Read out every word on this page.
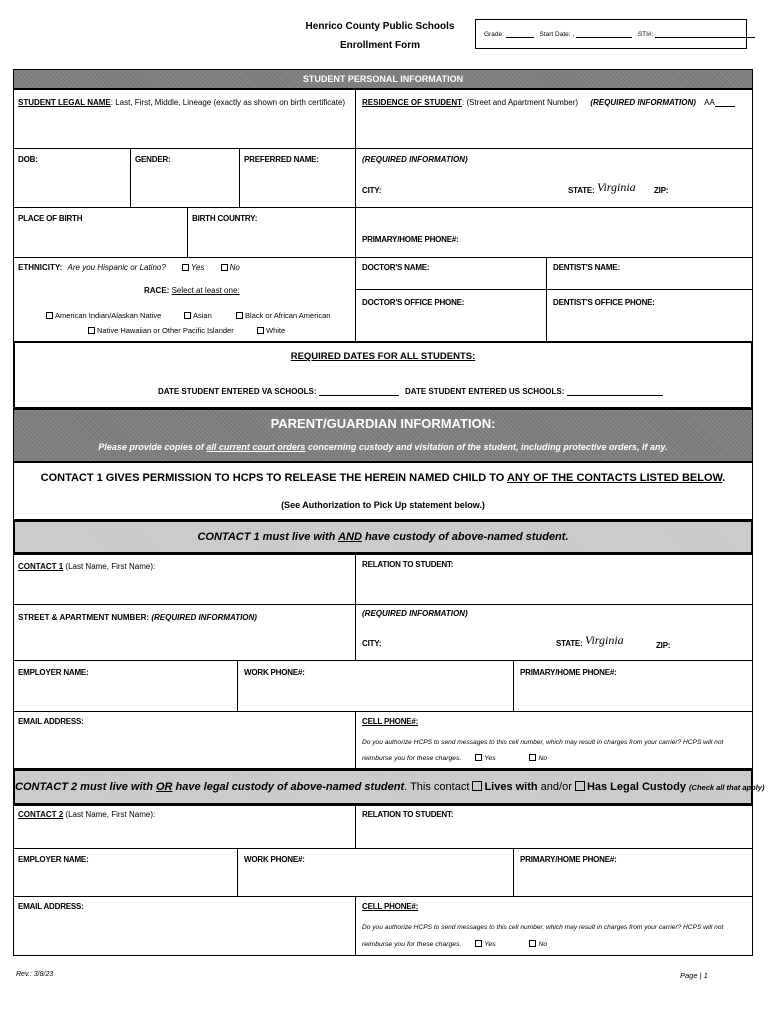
Henrico County Public Schools
Enrollment Form
Grade:	Start Date: ,	STI#:
STUDENT PERSONAL INFORMATION
STUDENT LEGAL NAME: Last, First, Middle, Lineage (exactly as shown on birth certificate) RESIDENCE OF STUDENT: (Street and Apartment Number) (REQUIRED INFORMATION) AA
DOB:	GENDER:	PREFERRED NAME:	(REQUIRED INFORMATION)
CITY:	STATE: Virginia ZIP:
PLACE OF BIRTH	BIRTH COUNTRY:
PRIMARY/HOME PHONE#:
ETHNICITY: Are you Hispanic or Latino?	Yes	No
RACE: Select at least one:
American Indian/Alaskan Native	Asian	Black or African American
Native Hawaiian or Other Pacific Islander	White
DOCTOR'S NAME:	DENTIST'S NAME:
DOCTOR'S OFFICE PHONE:	DENTIST'S OFFICE PHONE:
REQUIRED DATES FOR ALL STUDENTS:
DATE STUDENT ENTERED VA SCHOOLS:	DATE STUDENT ENTERED US SCHOOLS:
PARENT/GUARDIAN INFORMATION:
Please provide copies of all current court orders concerning custody and visitation of the student, including protective orders, if any.
CONTACT 1 GIVES PERMISSION TO HCPS TO RELEASE THE HEREIN NAMED CHILD TO ANY OF THE CONTACTS LISTED BELOW.
(See Authorization to Pick Up statement below.)
CONTACT 1 must live with AND have custody of above-named student.
CONTACT 1 (Last Name, First Name):	RELATION TO STUDENT:
STREET & APARTMENT NUMBER: (REQUIRED INFORMATION)	(REQUIRED INFORMATION)
CITY:	STATE: Virginia	ZIP:
EMPLOYER NAME:	WORK PHONE#:	PRIMARY/HOME PHONE#:
EMAIL ADDRESS:	CELL PHONE#:
Do you authorize HCPS to send messages to this cell number, which may result in charges from your carrier? HCPS will not
reimburse you for these charges.	Yes	No
CONTACT 2 must live with OR have legal custody of above-named student. This contact Lives with and/or Has Legal Custody (Check all that apply)
CONTACT 2 (Last Name, First Name):	RELATION TO STUDENT:
EMPLOYER NAME:	WORK PHONE#:	PRIMARY/HOME PHONE#:
EMAIL ADDRESS:	CELL PHONE#:
Do you authorize HCPS to send messages to this cell number, which may result in charges from your carrier? HCPS will not
reimburse you for these charges.	Yes	No
Rev.: 3/8/23	Page | 1
